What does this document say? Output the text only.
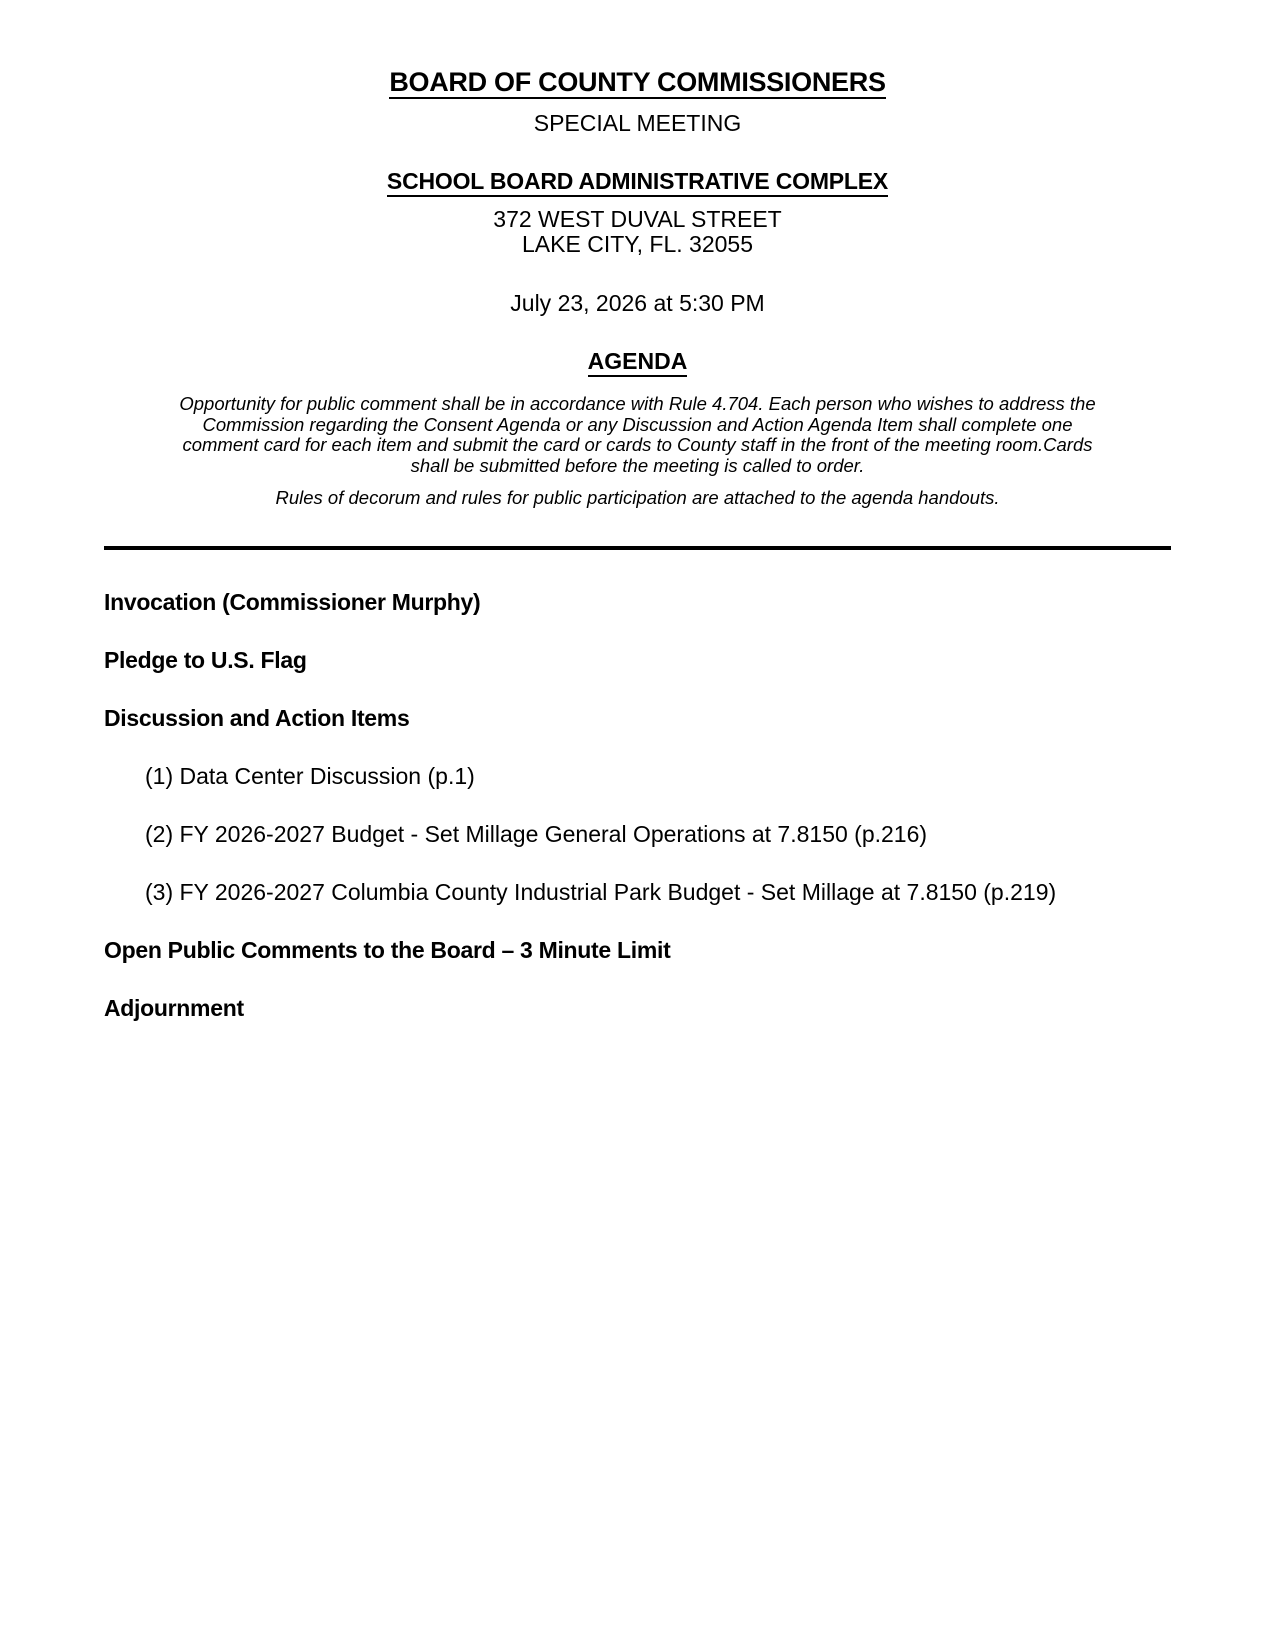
BOARD OF COUNTY COMMISSIONERS
SPECIAL MEETING
SCHOOL BOARD ADMINISTRATIVE COMPLEX
372 WEST DUVAL STREET
LAKE CITY, FL. 32055
July 23, 2026 at 5:30 PM
AGENDA
Opportunity for public comment shall be in accordance with Rule 4.704. Each person who wishes to address the
Commission regarding the Consent Agenda or any Discussion and Action Agenda Item shall complete one
comment card for each item and submit the card or cards to County staff in the front of the meeting room.Cards
shall be submitted before the meeting is called to order.
Rules of decorum and rules for public participation are attached to the agenda handouts.
Invocation (Commissioner Murphy)
Pledge to U.S. Flag
Discussion and Action Items
(1) Data Center Discussion (p.1)
(2) FY 2026-2027 Budget - Set Millage General Operations at 7.8150 (p.216)
(3) FY 2026-2027 Columbia County Industrial Park Budget - Set Millage at 7.8150 (p.219)
Open Public Comments to the Board – 3 Minute Limit
Adjournment
